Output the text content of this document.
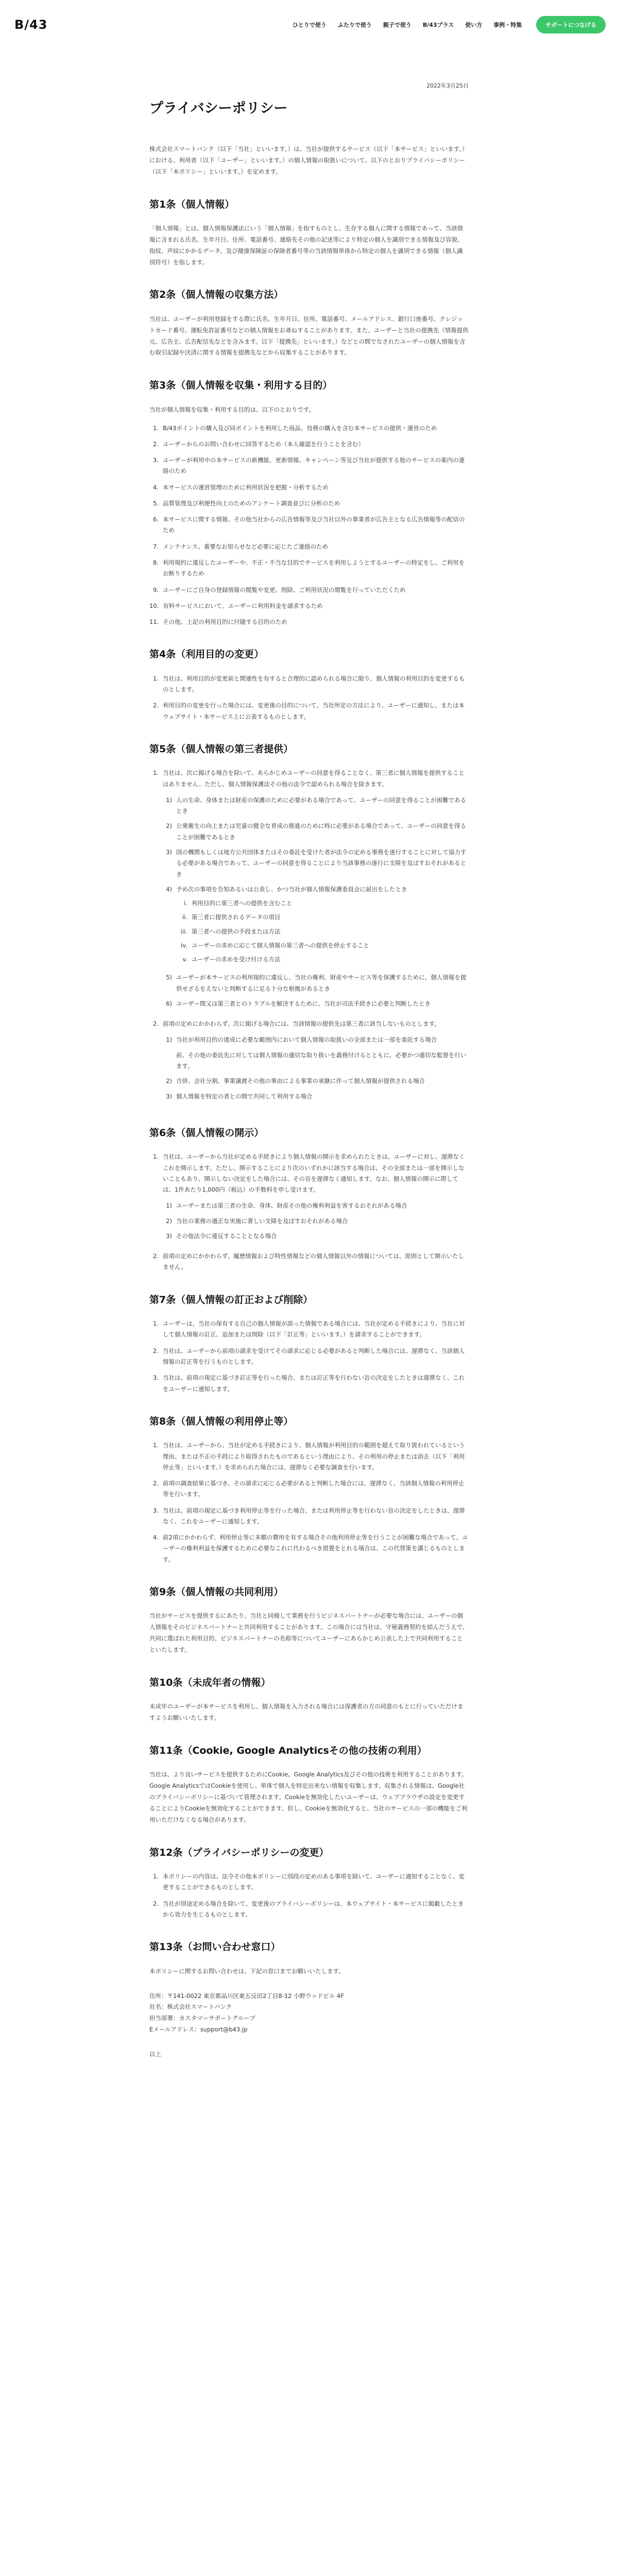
B/43	ひとりで使う ふたりで使う 親子で使う B/43プラス 使い方 事例・特集	サポートにつなげる
2022年3月25日
プライバシーポリシー

株式会社スマートバンク（以下「当社」といいます。）は、当社が提供するサービス（以下「本サービス」といいます。）における、利用者（以下「ユーザー」といいます。）の個人情報の取扱いについて、以下のとおりプライバシーポリシー（以下「本ポリシー」といいます。）を定めます。

第1条（個人情報）

「個人情報」とは、個人情報保護法にいう「個人情報」を指すものとし、生存する個人に関する情報であって、当該情報に含まれる氏名、生年月日、住所、電話番号、連絡先その他の記述等により特定の個人を識別できる情報及び容貌、指紋、声紋にかかるデータ、及び健康保険証の保険者番号等の当該情報単体から特定の個人を識別できる情報（個人識別符号）を指します。

第2条（個人情報の収集方法）

当社は、ユーザーが利用登録をする際に氏名、生年月日、住所、電話番号、メールアドレス、銀行口座番号、クレジットカード番号、運転免許証番号などの個人情報をお尋ねすることがあります。また、ユーザーと当社の提携先（情報提供元、広告主、広告配信先などを含みます。以下「提携先」といいます。）などとの間でなされたユーザーの個人情報を含む取引記録や決済に関する情報を提携先などから収集することがあります。

第3条（個人情報を収集・利用する目的）

当社が個人情報を収集・利用する目的は、以下のとおりです。

1. B/43ポイントの購入及び同ポイントを利用した商品、役務の購入を含む本サービスの提供・運営のため
2. ユーザーからのお問い合わせに回答するため（本人確認を行うことを含む）
3. ユーザーが利用中の本サービスの新機能、更新情報、キャンペーン等及び当社が提供する他のサービスの案内の連絡のため
4. 本サービスの運営管理のために利用状況を把握・分析するため
5. 品質管理及び利便性向上のためのアンケート調査並びに分析のため
6. 本サービスに関する情報、その他当社からの広告情報等及び当社以外の事業者が広告主となる広告情報等の配信のため
7. メンテナンス、重要なお知らせなど必要に応じたご連絡のため
8. 利用規約に違反したユーザーや、不正・不当な目的でサービスを利用しようとするユーザーの特定をし、ご利用をお断りするため
9. ユーザーにご自身の登録情報の閲覧や変更、削除、ご利用状況の閲覧を行っていただくため
10. 有料サービスにおいて、ユーザーに利用料金を請求するため
11. その他、上記の利用目的に付随する目的のため
第4条（利用目的の変更）
1. 当社は、利用目的が変更前と関連性を有すると合理的に認められる場合に限り、個人情報の利用目的を変更するものとします。
2. 利用目的の変更を行った場合には、変更後の目的について、当社所定の方法により、ユーザーに通知し、または本ウェブサイト・本サービス上に公表するものとします。
第5条（個人情報の第三者提供）
1. 当社は、次に掲げる場合を除いて、あらかじめユーザーの同意を得ることなく、第三者に個人情報を提供することはありません。ただし、個人情報保護法その他の法令で認められる場合を除きます。
1) 人の生命、身体または財産の保護のために必要がある場合であって、ユーザーの同意を得ることが困難であるとき
2) 公衆衛生の向上または児童の健全な育成の推進のために特に必要がある場合であって、ユーザーの同意を得ることが困難であるとき
3) 国の機関もしくは地方公共団体またはその委託を受けた者が法令の定める事務を遂行することに対して協力する必要がある場合であって、ユーザーの同意を得ることにより当該事務の遂行に支障を及ぼすおそれがあるとき
4) 予め次の事項を告知あるいは公表し、かつ当社が個人情報保護委員会に届出をしたとき
i. 利用目的に第三者への提供を含むこと
ii. 第三者に提供されるデータの項目
iii. 第三者への提供の手段または方法
iv. ユーザーの求めに応じて個人情報の第三者への提供を停止すること
v. ユーザーの求めを受け付ける方法
5) ユーザーが本サービスの利用規約に違反し、当社の権利、財産やサービス等を保護するために、個人情報を提供せざるをえないと判断するに足る十分な根拠があるとき
6) ユーザー間又は第三者とのトラブルを解決するために、当社が司法手続きに必要と判断したとき
2. 前項の定めにかかわらず、次に掲げる場合には、当該情報の提供先は第三者に該当しないものとします。
1) 当社が利用目的の達成に必要な範囲内において個人情報の取扱いの全部または一部を委託する場合
前、その他の委託先に対しては個人情報の適切な取り扱いを義務付けるとともに、必要かつ適切な監督を行います。
2) 合併、会社分割、事業譲渡その他の事由による事業の承継に伴って個人情報が提供される場合
3) 個人情報を特定の者との間で共同して利用する場合
第6条（個人情報の開示）
1. 当社は、ユーザーから当社が定める手続きにより個人情報の開示を求められたときは、ユーザーに対し、遅滞なくこれを開示します。ただし、開示することにより次のいずれかに該当する場合は、その全部または一部を開示しないこともあり、開示しない決定をした場合には、その旨を遅滞なく通知します。なお、個人情報の開示に際しては、1件あたり1,000円（税込）の手数料を申し受けます。
1) ユーザーまたは第三者の生命、身体、財産その他の権利利益を害するおそれがある場合
2) 当社の業務の適正な実施に著しい支障を及ぼすおそれがある場合
3) その他法令に違反することとなる場合
2. 前項の定めにかかわらず、履歴情報および特性情報などの個人情報以外の情報については、原則として開示いたしません。
第7条（個人情報の訂正および削除）
1. ユーザーは、当社の保有する自己の個人情報が誤った情報である場合には、当社が定める手続きにより、当社に対して個人情報の訂正、追加または削除（以下「訂正等」といいます。）を請求することができます。
2. 当社は、ユーザーから前項の請求を受けてその請求に応じる必要があると判断した場合には、遅滞なく、当該個人情報の訂正等を行うものとします。
3. 当社は、前項の規定に基づき訂正等を行った場合、または訂正等を行わない旨の決定をしたときは遅滞なく、これをユーザーに通知します。
第8条（個人情報の利用停止等）
1. 当社は、ユーザーから、当社が定める手続きにより、個人情報が利用目的の範囲を超えて取り扱われているという理由、または不正の手段により取得されたものであるという理由により、その利用の停止または消去（以下「利用停止等」といいます。）を求められた場合には、遅滞なく必要な調査を行います。
2. 前項の調査結果に基づき、その請求に応じる必要があると判断した場合には、遅滞なく、当該個人情報の利用停止等を行います。
3. 当社は、前項の規定に基づき利用停止等を行った場合、または利用停止等を行わない旨の決定をしたときは、遅滞なく、これをユーザーに通知します。
4. 前2項にかかわらず、利用停止等に多額の費用を有する場合その他利用停止等を行うことが困難な場合であって、ユーザーの権利利益を保護するために必要なこれに代わるべき措置をとれる場合は、この代替策を講じるものとします。
第9条（個人情報の共同利用）

当社がサービスを提供するにあたり、当社と同様して業務を行うビジネスパートナーが必要な場合には、ユーザーの個人情報をそのビジネスパートナーと共同利用することがあります。この場合には当社は、守秘義務契約を結んだうえで、共同に選ばれた利用目的、ビジネスパートナーの名称等についてユーザーにあらかじめ公表した上で共同利用することといたします。

第10条（未成年者の情報）

未成年のユーザーが本サービスを利用し、個人情報を入力される場合には保護者の方の同意のもとに行っていただけますようお願いいたします。

第11条（Cookie, Google Analyticsその他の技術の利用）

当社は、より良いサービスを提供するためにCookie、Google Analytics及びその他の技術を利用することがあります。Google AnalyticsではCookieを使用し、単体で個人を特定出来ない情報を収集します。収集される情報は、Google社のプライバシーポリシーに基づいて管理されます。Cookieを無効化したいユーザーは、ウェブブラウザの設定を変更することによりCookieを無効化することができます。但し、Cookieを無効化すると、当社のサービスの一部の機能をご利用いただけなくなる場合があります。

第12条（プライバシーポリシーの変更）
1. 本ポリシーの内容は、法令その他本ポリシーに別段の定めのある事項を除いて、ユーザーに通知することなく、変更することができるものとします。
2. 当社が別途定める場合を除いて、変更後のプライバシーポリシーは、本ウェブサイト・本サービスに掲載したときから効力を生じるものとします。
第13条（お問い合わせ窓口）

本ポリシーに関するお問い合わせは、下記の窓口までお願いいたします。

住所：〒141-0022 東京都品川区東五反田2丁目8-12 小野ウッドビル 4F
社名：株式会社スマートバンク
担当部署：カスタマーサポートグループ
Eメールアドレス：support@b43.jp
以上
